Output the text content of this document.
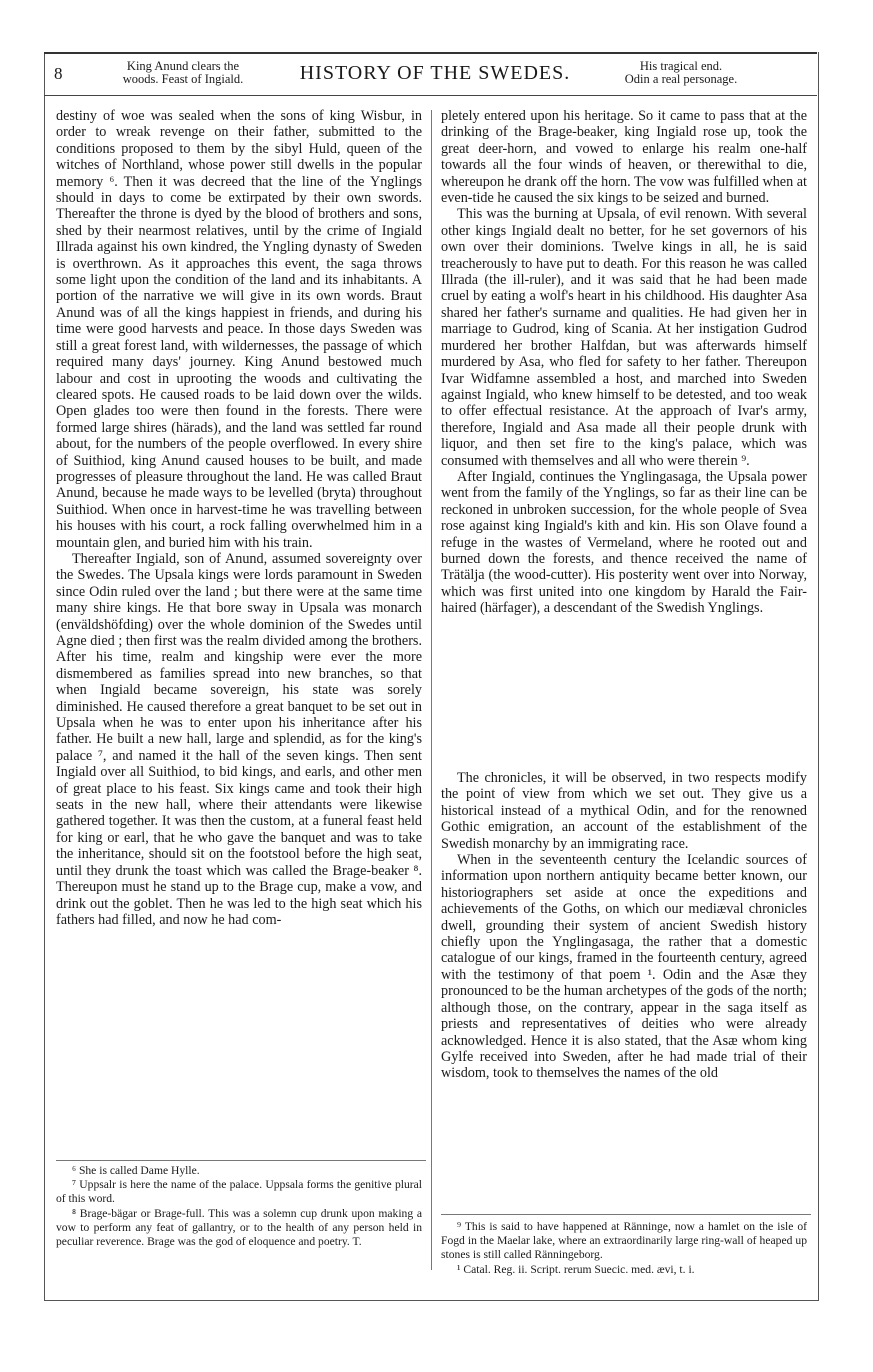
8	King Anund clears the
woods. Feast of Ingiald.	HISTORY OF THE SWEDES.	His tragical end.
Odin a real personage.

destiny of woe was sealed when the sons of king Wisbur, in order to wreak revenge on their father, submitted to the conditions proposed to them by the sibyl Huld, queen of the witches of Northland, whose power still dwells in the popular memory ⁶. Then it was decreed that the line of the Ynglings should in days to come be extirpated by their own swords. Thereafter the throne is dyed by the blood of brothers and sons, shed by their nearmost relatives, until by the crime of Ingiald Illrada against his own kindred, the Yngling dynasty of Sweden is overthrown. As it approaches this event, the saga throws some light upon the condition of the land and its inhabitants. A portion of the narrative we will give in its own words. Braut Anund was of all the kings happiest in friends, and during his time were good harvests and peace. In those days Sweden was still a great forest land, with wildernesses, the passage of which required many days' journey. King Anund bestowed much labour and cost in uprooting the woods and cultivating the cleared spots. He caused roads to be laid down over the wilds. Open glades too were then found in the forests. There were formed large shires (härads), and the land was settled far round about, for the numbers of the people overflowed. In every shire of Suithiod, king Anund caused houses to be built, and made progresses of pleasure throughout the land. He was called Braut Anund, because he made ways to be levelled (bryta) throughout Suithiod. When once in harvest-time he was travelling between his houses with his court, a rock falling overwhelmed him in a mountain glen, and buried him with his train.

Thereafter Ingiald, son of Anund, assumed sovereignty over the Swedes. The Upsala kings were lords paramount in Sweden since Odin ruled over the land ; but there were at the same time many shire kings. He that bore sway in Upsala was monarch (enväldshöfding) over the whole dominion of the Swedes until Agne died ; then first was the realm divided among the brothers. After his time, realm and kingship were ever the more dismembered as families spread into new branches, so that when Ingiald became sovereign, his state was sorely diminished. He caused therefore a great banquet to be set out in Upsala when he was to enter upon his inheritance after his father. He built a new hall, large and splendid, as for the king's palace ⁷, and named it the hall of the seven kings. Then sent Ingiald over all Suithiod, to bid kings, and earls, and other men of great place to his feast. Six kings came and took their high seats in the new hall, where their attendants were likewise gathered together. It was then the custom, at a funeral feast held for king or earl, that he who gave the banquet and was to take the inheritance, should sit on the footstool before the high seat, until they drunk the toast which was called the Brage-beaker ⁸. Thereupon must he stand up to the Brage cup, make a vow, and drink out the goblet. Then he was led to the high seat which his fathers had filled, and now he had com-

pletely entered upon his heritage. So it came to pass that at the drinking of the Brage-beaker, king Ingiald rose up, took the great deer-horn, and vowed to enlarge his realm one-half towards all the four winds of heaven, or therewithal to die, whereupon he drank off the horn. The vow was fulfilled when at even-tide he caused the six kings to be seized and burned.

This was the burning at Upsala, of evil renown. With several other kings Ingiald dealt no better, for he set governors of his own over their dominions. Twelve kings in all, he is said treacherously to have put to death. For this reason he was called Illrada (the ill-ruler), and it was said that he had been made cruel by eating a wolf's heart in his childhood. His daughter Asa shared her father's surname and qualities. He had given her in marriage to Gudrod, king of Scania. At her instigation Gudrod murdered her brother Halfdan, but was afterwards himself murdered by Asa, who fled for safety to her father. Thereupon Ivar Widfamne assembled a host, and marched into Sweden against Ingiald, who knew himself to be detested, and too weak to offer effectual resistance. At the approach of Ivar's army, therefore, Ingiald and Asa made all their people drunk with liquor, and then set fire to the king's palace, which was consumed with themselves and all who were therein ⁹.

After Ingiald, continues the Ynglingasaga, the Upsala power went from the family of the Ynglings, so far as their line can be reckoned in unbroken succession, for the whole people of Svea rose against king Ingiald's kith and kin. His son Olave found a refuge in the wastes of Vermeland, where he rooted out and burned down the forests, and thence received the name of Trätälja (the wood-cutter). His posterity went over into Norway, which was first united into one kingdom by Harald the Fair-haired (härfager), a descendant of the Swedish Ynglings.

The chronicles, it will be observed, in two respects modify the point of view from which we set out. They give us a historical instead of a mythical Odin, and for the renowned Gothic emigration, an account of the establishment of the Swedish monarchy by an immigrating race.

When in the seventeenth century the Icelandic sources of information upon northern antiquity became better known, our historiographers set aside at once the expeditions and achievements of the Goths, on which our mediæval chronicles dwell, grounding their system of ancient Swedish history chiefly upon the Ynglingasaga, the rather that a domestic catalogue of our kings, framed in the fourteenth century, agreed with the testimony of that poem ¹. Odin and the Asæ they pronounced to be the human archetypes of the gods of the north; although those, on the contrary, appear in the saga itself as priests and representatives of deities who were already acknowledged. Hence it is also stated, that the Asæ whom king Gylfe received into Sweden, after he had made trial of their wisdom, took to themselves the names of the old

⁶ She is called Dame Hylle.

⁷ Uppsalr is here the name of the palace. Uppsala forms the genitive plural of this word.

⁸ Brage-bägar or Brage-full. This was a solemn cup drunk upon making a vow to perform any feat of gallantry, or to the health of any person held in peculiar reverence. Brage was the god of eloquence and poetry. T.

⁹ This is said to have happened at Ränninge, now a hamlet on the isle of Fogd in the Maelar lake, where an extraordinarily large ring-wall of heaped up stones is still called Ränningeborg.

¹ Catal. Reg. ii. Script. rerum Suecic. med. ævi, t. i.
